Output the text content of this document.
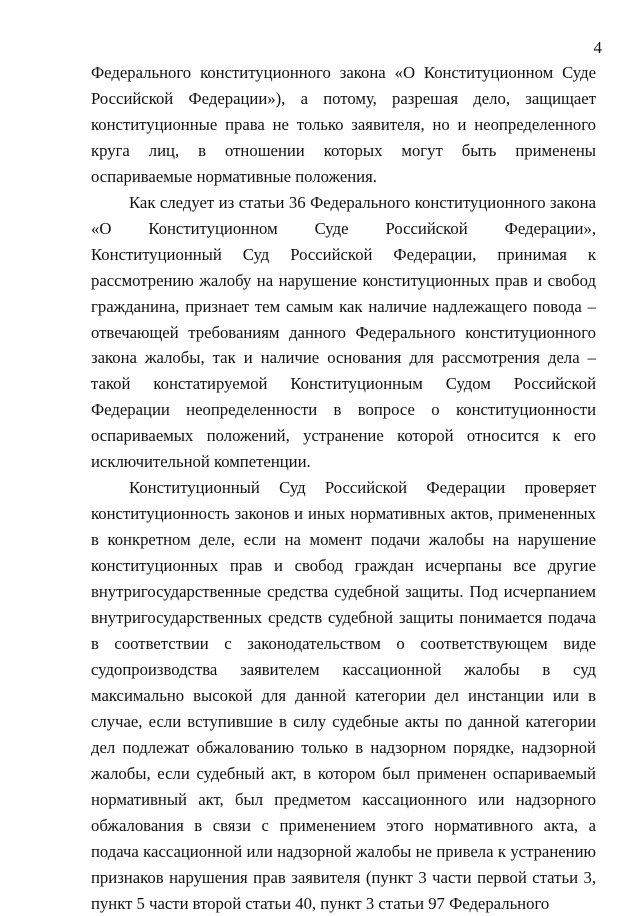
4

Федерального конституционного закона «О Конституционном Суде Российской Федерации»), а потому, разрешая дело, защищает конституционные права не только заявителя, но и неопределенного круга лиц, в отношении которых могут быть применены оспариваемые нормативные положения.

Как следует из статьи 36 Федерального конституционного закона «О Конституционном Суде Российской Федерации», Конституционный Суд Российской Федерации, принимая к рассмотрению жалобу на нарушение конституционных прав и свобод гражданина, признает тем самым как наличие надлежащего повода – отвечающей требованиям данного Федерального конституционного закона жалобы, так и наличие основания для рассмотрения дела – такой констатируемой Конституционным Судом Российской Федерации неопределенности в вопросе о конституционности оспариваемых положений, устранение которой относится к его исключительной компетенции.

Конституционный Суд Российской Федерации проверяет конституционность законов и иных нормативных актов, примененных в конкретном деле, если на момент подачи жалобы на нарушение конституционных прав и свобод граждан исчерпаны все другие внутригосударственные средства судебной защиты. Под исчерпанием внутригосударственных средств судебной защиты понимается подача в соответствии с законодательством о соответствующем виде судопроизводства заявителем кассационной жалобы в суд максимально высокой для данной категории дел инстанции или в случае, если вступившие в силу судебные акты по данной категории дел подлежат обжалованию только в надзорном порядке, надзорной жалобы, если судебный акт, в котором был применен оспариваемый нормативный акт, был предметом кассационного или надзорного обжалования в связи с применением этого нормативного акта, а подача кассационной или надзорной жалобы не привела к устранению признаков нарушения прав заявителя (пункт 3 части первой статьи 3, пункт 5 части второй статьи 40, пункт 3 статьи 97 Федерального
